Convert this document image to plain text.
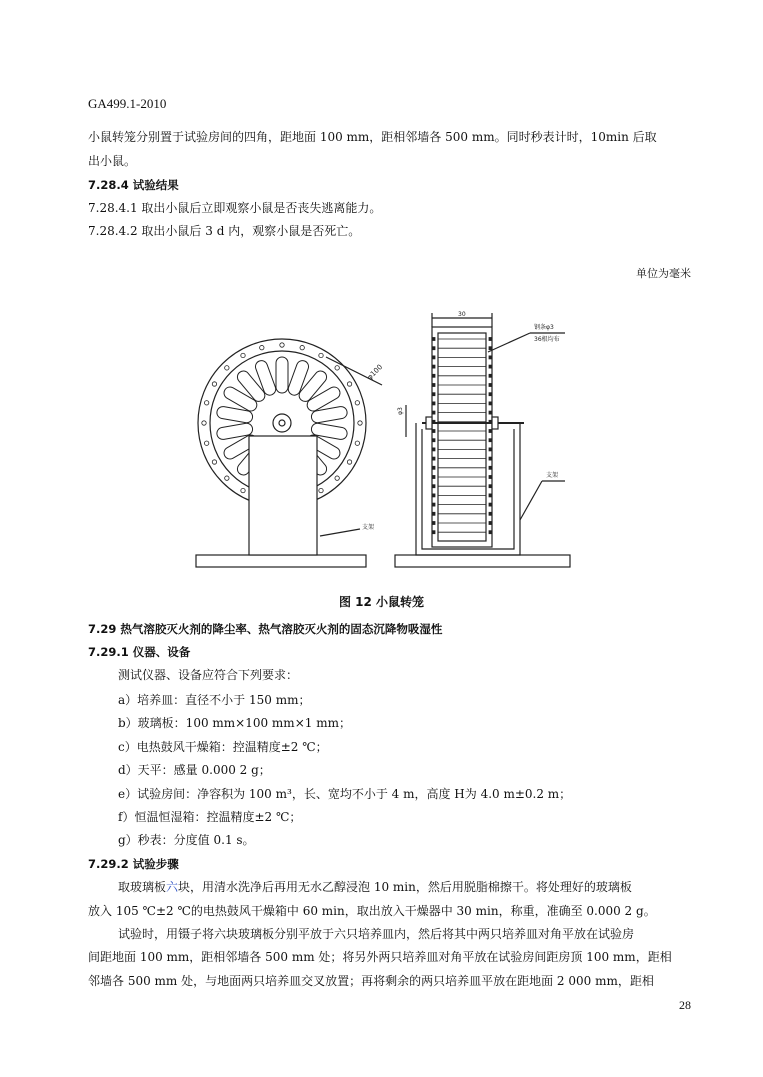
GA499.1-2010
小鼠转笼分别置于试验房间的四角，距地面 100 mm，距相邻墙各 500 mm。同时秒表计时，10min 后取
出小鼠。
7.28.4 试验结果
7.28.4.1 取出小鼠后立即观察小鼠是否丧失逃离能力。
7.28.4.2 取出小鼠后 3 d 内，观察小鼠是否死亡。
单位为毫米
φ100
支架
30
钢条φ3
36根均布
φ3
支架
图 12 小鼠转笼
7.29 热气溶胶灭火剂的降尘率、热气溶胶灭火剂的固态沉降物吸湿性
7.29.1 仪器、设备
测试仪器、设备应符合下列要求：
a）培养皿：直径不小于 150 mm；
b）玻璃板：100 mm×100 mm×1 mm；
c）电热鼓风干燥箱：控温精度±2 ℃；
d）天平：感量 0.000 2 g；
e）试验房间：净容积为 100 m³，长、宽均不小于 4 m，高度 H为 4.0 m±0.2 m；
f）恒温恒湿箱：控温精度±2 ℃；
g）秒表：分度值 0.1 s。
7.29.2 试验步骤
取玻璃板六块，用清水洗净后再用无水乙醇浸泡 10 min，然后用脱脂棉擦干。将处理好的玻璃板
放入 105 ℃±2 ℃的电热鼓风干燥箱中 60 min，取出放入干燥器中 30 min，称重，准确至 0.000 2 g。
试验时，用镊子将六块玻璃板分别平放于六只培养皿内，然后将其中两只培养皿对角平放在试验房
间距地面 100 mm，距相邻墙各 500 mm 处；将另外两只培养皿对角平放在试验房间距房顶 100 mm，距相
邻墙各 500 mm 处，与地面两只培养皿交叉放置；再将剩余的两只培养皿平放在距地面 2 000 mm，距相
28
